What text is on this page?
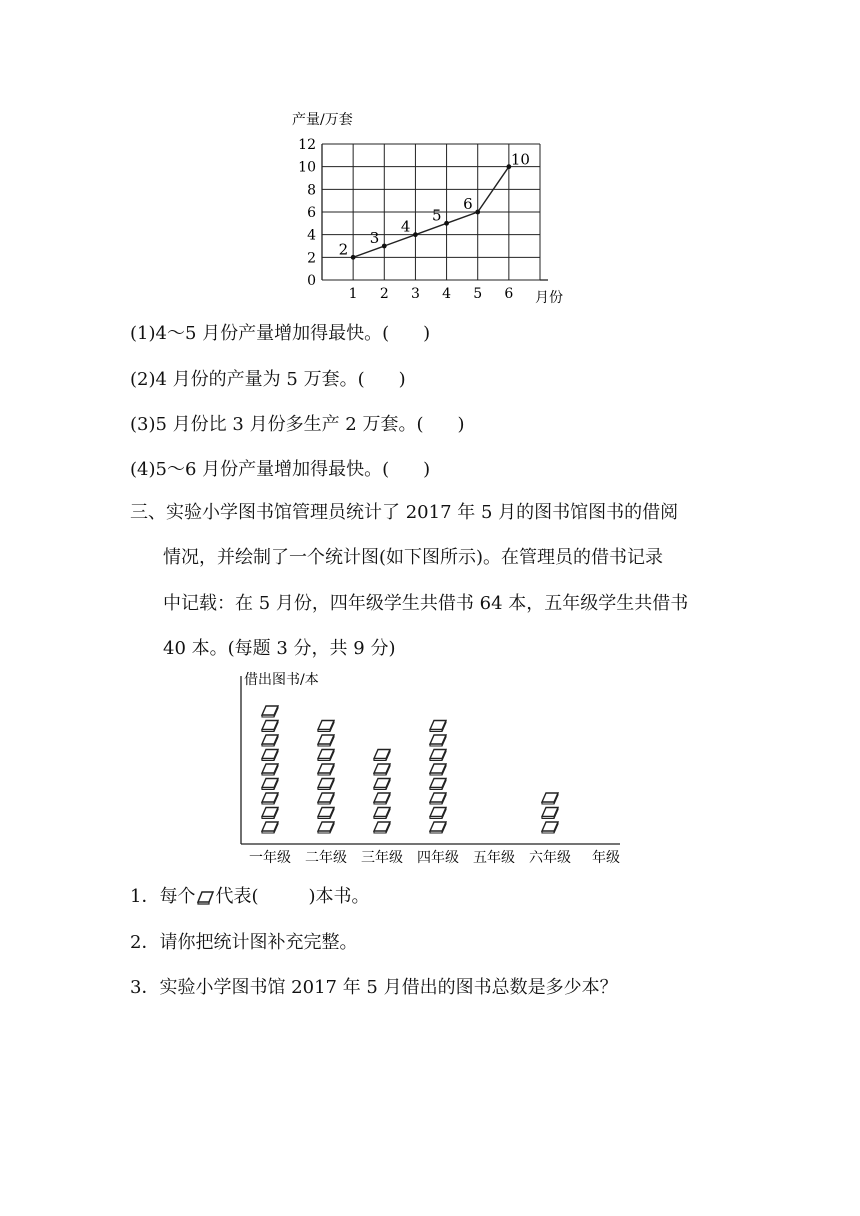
产量/万套
0
2
4
6
8
10
12
1 2 3 4 5 6 月份
2
3
4
5
6
10
(1)4～5 月份产量增加得最快。( )
(2)4 月份的产量为 5 万套。( )
(3)5 月份比 3 月份多生产 2 万套。( )
(4)5～6 月份产量增加得最快。( )
三、实验小学图书馆管理员统计了 2017 年 5 月的图书馆图书的借阅
情况，并绘制了一个统计图(如下图所示)。在管理员的借书记录
中记载：在 5 月份，四年级学生共借书 64 本，五年级学生共借书
40 本。(每题 3 分，共 9 分)
借出图书/本
一年级 二年级 三年级 四年级 五年级 六年级 年级
1．每个 代表(	)本书。
2．请你把统计图补充完整。
3．实验小学图书馆 2017 年 5 月借出的图书总数是多少本？
